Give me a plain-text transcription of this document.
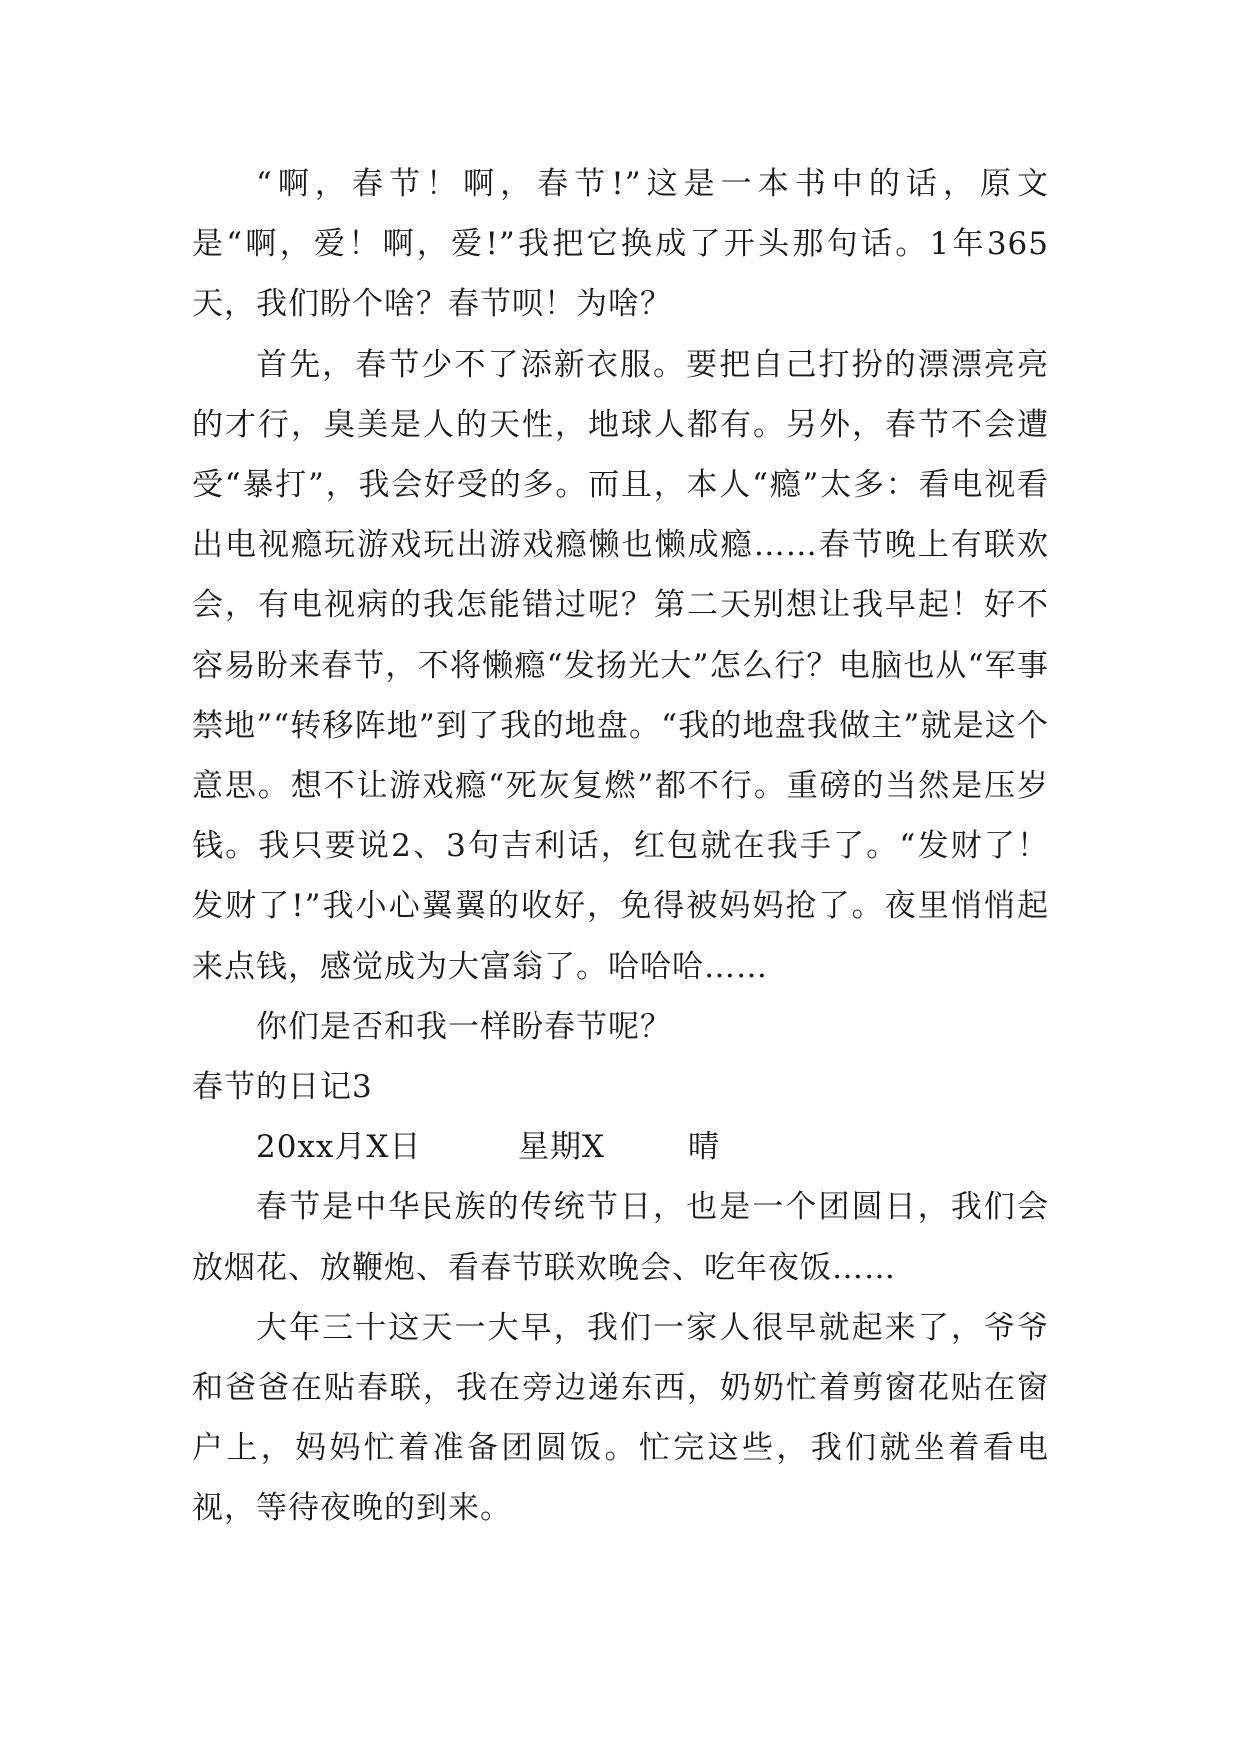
“啊，春节！啊，春节!”这是一本书中的话，原文是“啊，爱！啊，爱!”我把它换成了开头那句话。1年365天，我们盼个啥？春节呗！为啥？

首先，春节少不了添新衣服。要把自己打扮的漂漂亮亮的才行，臭美是人的天性，地球人都有。另外，春节不会遭受“暴打”，我会好受的多。而且，本人“瘾”太多：看电视看出电视瘾玩游戏玩出游戏瘾懒也懒成瘾……春节晚上有联欢会，有电视病的我怎能错过呢？第二天别想让我早起！好不容易盼来春节，不将懒瘾“发扬光大”怎么行？电脑也从“军事禁地”“转移阵地”到了我的地盘。“我的地盘我做主”就是这个意思。想不让游戏瘾“死灰复燃”都不行。重磅的当然是压岁钱。我只要说2、3句吉利话，红包就在我手了。“发财了！发财了!”我小心翼翼的收好，免得被妈妈抢了。夜里悄悄起来点钱，感觉成为大富翁了。哈哈哈……

你们是否和我一样盼春节呢？

春节的日记3

20xx月X日	星期X	晴

春节是中华民族的传统节日，也是一个团圆日，我们会放烟花、放鞭炮、看春节联欢晚会、吃年夜饭……

大年三十这天一大早，我们一家人很早就起来了，爷爷和爸爸在贴春联，我在旁边递东西，奶奶忙着剪窗花贴在窗户上，妈妈忙着准备团圆饭。忙完这些，我们就坐着看电视，等待夜晚的到来。
